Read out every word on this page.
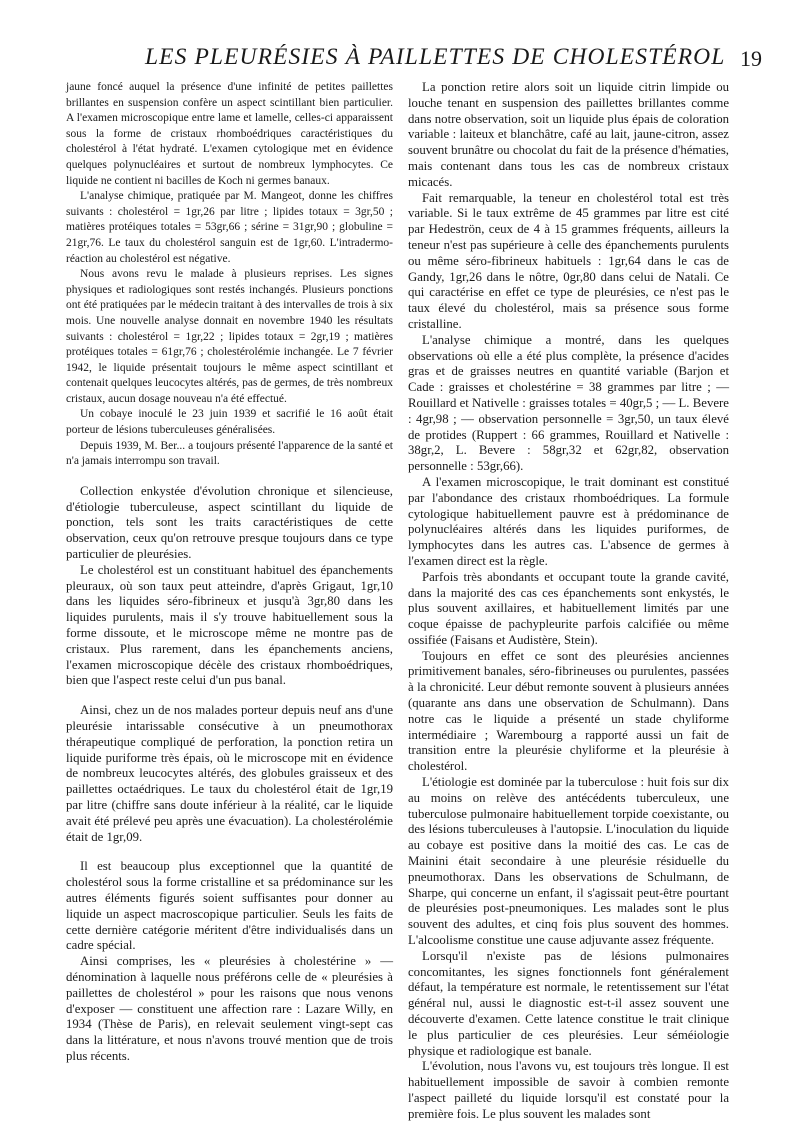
LES PLEURÉSIES À PAILLETTES DE CHOLESTÉROL 19

jaune foncé auquel la présence d'une infinité de petites paillettes brillantes en suspension confère un aspect scintillant bien particulier. A l'examen microscopique entre lame et lamelle, celles-ci apparaissent sous la forme de cristaux rhomboédriques caractéristiques du cholestérol à l'état hydraté. L'examen cytologique met en évidence quelques polynucléaires et surtout de nombreux lymphocytes. Ce liquide ne contient ni bacilles de Koch ni germes banaux.

L'analyse chimique, pratiquée par M. Mangeot, donne les chiffres suivants : cholestérol = 1gr,26 par litre ; lipides totaux = 3gr,50 ; matières protéiques totales = 53gr,66 ; sérine = 31gr,90 ; globuline = 21gr,76. Le taux du cholestérol sanguin est de 1gr,60. L'intradermo-réaction au cholestérol est négative.

Nous avons revu le malade à plusieurs reprises. Les signes physiques et radiologiques sont restés inchangés. Plusieurs ponctions ont été pratiquées par le médecin traitant à des intervalles de trois à six mois. Une nouvelle analyse donnait en novembre 1940 les résultats suivants : cholestérol = 1gr,22 ; lipides totaux = 2gr,19 ; matières protéiques totales = 61gr,76 ; cholestérolémie inchangée. Le 7 février 1942, le liquide présentait toujours le même aspect scintillant et contenait quelques leucocytes altérés, pas de germes, de très nombreux cristaux, aucun dosage nouveau n'a été effectué.

Un cobaye inoculé le 23 juin 1939 et sacrifié le 16 août était porteur de lésions tuberculeuses généralisées.

Depuis 1939, M. Ber... a toujours présenté l'apparence de la santé et n'a jamais interrompu son travail.

Collection enkystée d'évolution chronique et silencieuse, d'étiologie tuberculeuse, aspect scintillant du liquide de ponction, tels sont les traits caractéristiques de cette observation, ceux qu'on retrouve presque toujours dans ce type particulier de pleurésies.

Le cholestérol est un constituant habituel des épanchements pleuraux, où son taux peut atteindre, d'après Grigaut, 1gr,10 dans les liquides séro-fibrineux et jusqu'à 3gr,80 dans les liquides purulents, mais il s'y trouve habituellement sous la forme dissoute, et le microscope même ne montre pas de cristaux. Plus rarement, dans les épanchements anciens, l'examen microscopique décèle des cristaux rhomboédriques, bien que l'aspect reste celui d'un pus banal.

Ainsi, chez un de nos malades porteur depuis neuf ans d'une pleurésie intarissable consécutive à un pneumothorax thérapeutique compliqué de perforation, la ponction retira un liquide puriforme très épais, où le microscope mit en évidence de nombreux leucocytes altérés, des globules graisseux et des paillettes octaédriques. Le taux du cholestérol était de 1gr,19 par litre (chiffre sans doute inférieur à la réalité, car le liquide avait été prélevé peu après une évacuation). La cholestérolémie était de 1gr,09.

Il est beaucoup plus exceptionnel que la quantité de cholestérol sous la forme cristalline et sa prédominance sur les autres éléments figurés soient suffisantes pour donner au liquide un aspect macroscopique particulier. Seuls les faits de cette dernière catégorie méritent d'être individualisés dans un cadre spécial.

Ainsi comprises, les « pleurésies à cholestérine » — dénomination à laquelle nous préférons celle de « pleurésies à paillettes de cholestérol » pour les raisons que nous venons d'exposer — constituent une affection rare : Lazare Willy, en 1934 (Thèse de Paris), en relevait seulement vingt-sept cas dans la littérature, et nous n'avons trouvé mention que de trois plus récents.

La ponction retire alors soit un liquide citrin limpide ou louche tenant en suspension des paillettes brillantes comme dans notre observation, soit un liquide plus épais de coloration variable : laiteux et blanchâtre, café au lait, jaune-citron, assez souvent brunâtre ou chocolat du fait de la présence d'hématies, mais contenant dans tous les cas de nombreux cristaux micacés.

Fait remarquable, la teneur en cholestérol total est très variable. Si le taux extrême de 45 grammes par litre est cité par Hedeströn, ceux de 4 à 15 grammes fréquents, ailleurs la teneur n'est pas supérieure à celle des épanchements purulents ou même séro-fibrineux habituels : 1gr,64 dans le cas de Gandy, 1gr,26 dans le nôtre, 0gr,80 dans celui de Natali. Ce qui caractérise en effet ce type de pleurésies, ce n'est pas le taux élevé du cholestérol, mais sa présence sous forme cristalline.

L'analyse chimique a montré, dans les quelques observations où elle a été plus complète, la présence d'acides gras et de graisses neutres en quantité variable (Barjon et Cade : graisses et cholestérine = 38 grammes par litre ; — Rouillard et Nativelle : graisses totales = 40gr,5 ; — L. Bevere : 4gr,98 ; — observation personnelle = 3gr,50, un taux élevé de protides (Ruppert : 66 grammes, Rouillard et Nativelle : 38gr,2, L. Bevere : 58gr,32 et 62gr,82, observation personnelle : 53gr,66).

A l'examen microscopique, le trait dominant est constitué par l'abondance des cristaux rhomboédriques. La formule cytologique habituellement pauvre est à prédominance de polynucléaires altérés dans les liquides puriformes, de lymphocytes dans les autres cas. L'absence de germes à l'examen direct est la règle.

Parfois très abondants et occupant toute la grande cavité, dans la majorité des cas ces épanchements sont enkystés, le plus souvent axillaires, et habituellement limités par une coque épaisse de pachypleurite parfois calcifiée ou même ossifiée (Faisans et Audistère, Stein).

Toujours en effet ce sont des pleurésies anciennes primitivement banales, séro-fibrineuses ou purulentes, passées à la chronicité. Leur début remonte souvent à plusieurs années (quarante ans dans une observation de Schulmann). Dans notre cas le liquide a présenté un stade chyliforme intermédiaire ; Warembourg a rapporté aussi un fait de transition entre la pleurésie chyliforme et la pleurésie à cholestérol.

L'étiologie est dominée par la tuberculose : huit fois sur dix au moins on relève des antécédents tuberculeux, une tuberculose pulmonaire habituellement torpide coexistante, ou des lésions tuberculeuses à l'autopsie. L'inoculation du liquide au cobaye est positive dans la moitié des cas. Le cas de Mainini était secondaire à une pleurésie résiduelle du pneumothorax. Dans les observations de Schulmann, de Sharpe, qui concerne un enfant, il s'agissait peut-être pourtant de pleurésies post-pneumoniques. Les malades sont le plus souvent des adultes, et cinq fois plus souvent des hommes. L'alcoolisme constitue une cause adjuvante assez fréquente.

Lorsqu'il n'existe pas de lésions pulmonaires concomitantes, les signes fonctionnels font généralement défaut, la température est normale, le retentissement sur l'état général nul, aussi le diagnostic est-t-il assez souvent une découverte d'examen. Cette latence constitue le trait clinique le plus particulier de ces pleurésies. Leur séméiologie physique et radiologique est banale.

L'évolution, nous l'avons vu, est toujours très longue. Il est habituellement impossible de savoir à combien remonte l'aspect pailleté du liquide lorsqu'il est constaté pour la première fois. Le plus souvent les malades sont
